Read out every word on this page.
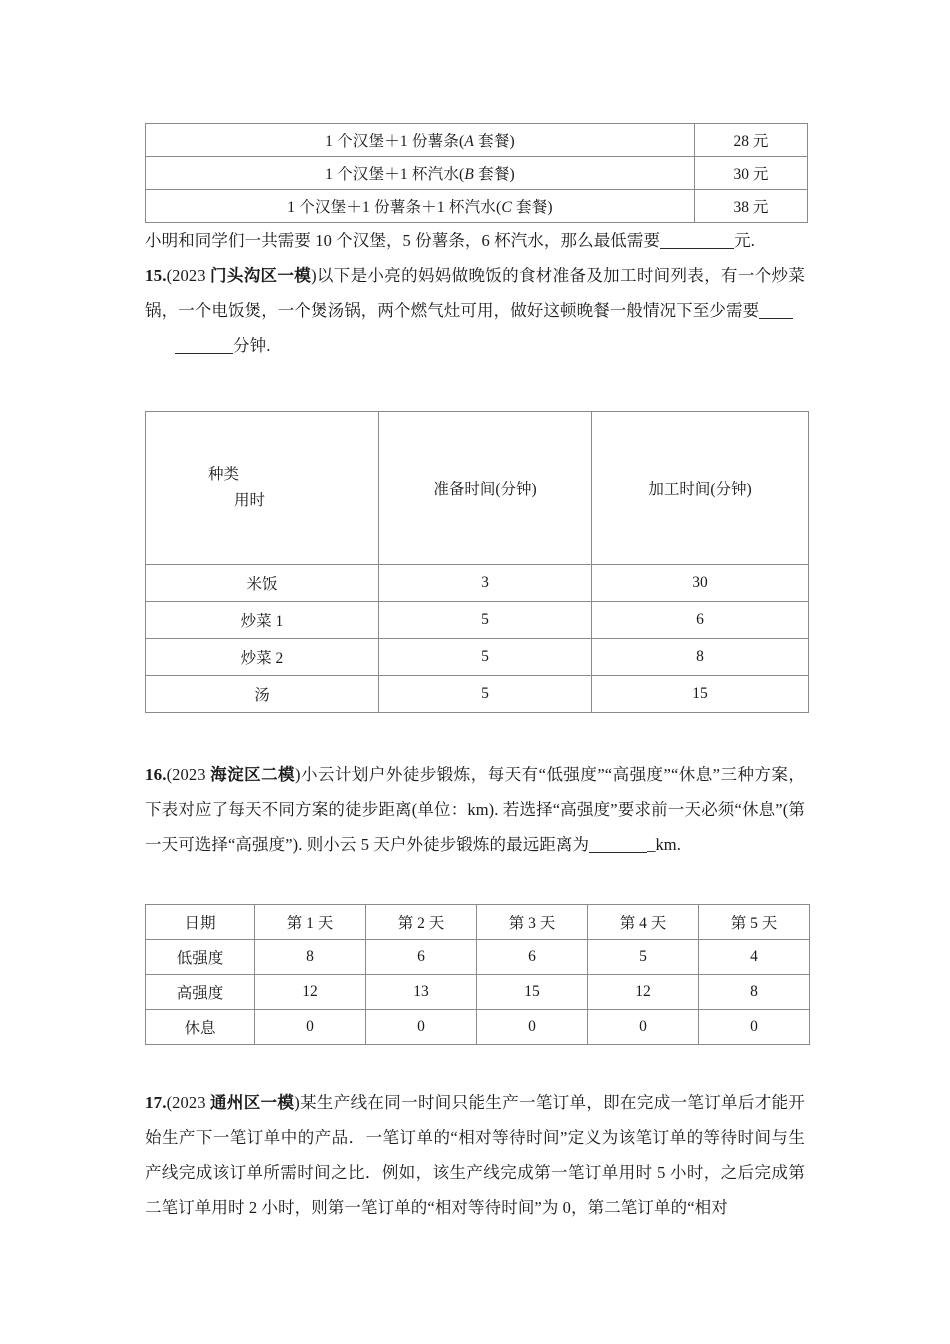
1 个汉堡＋1 份薯条(A 套餐)	28 元
1 个汉堡＋1 杯汽水(B 套餐)	30 元
1 个汉堡＋1 份薯条＋1 杯汽水(C 套餐)	38 元

小明和同学们一共需要 10 个汉堡，5 份薯条，6 杯汽水，那么最低需要	元.

15.(2023 门头沟区一模)以下是小亮的妈妈做晚饭的食材准备及加工时间列表，有一个炒菜锅，一个电饭煲，一个煲汤锅，两个燃气灶可用，做好这顿晚餐一般情况下至少需要
分钟.

种类
用时	准备时间(分钟)	加工时间(分钟)
米饭	3	30
炒菜 1	5	6
炒菜 2	5	8
汤	5	15

16.(2023 海淀区二模)小云计划户外徒步锻炼，每天有“低强度”“高强度”“休息”三种方案，下表对应了每天不同方案的徒步距离(单位：km). 若选择“高强度”要求前一天必须“休息”(第一天可选择“高强度”). 则小云 5 天户外徒步锻炼的最远距离为	_km.

日期	第 1 天	第 2 天	第 3 天	第 4 天	第 5 天
低强度	8	6	6	5	4
高强度	12	13	15	12	8
休息	0	0	0	0	0

17.(2023 通州区一模)某生产线在同一时间只能生产一笔订单，即在完成一笔订单后才能开始生产下一笔订单中的产品．一笔订单的“相对等待时间”定义为该笔订单的等待时间与生产线完成该订单所需时间之比．例如，该生产线完成第一笔订单用时 5 小时，之后完成第二笔订单用时 2 小时，则第一笔订单的“相对等待时间”为 0，第二笔订单的“相对
